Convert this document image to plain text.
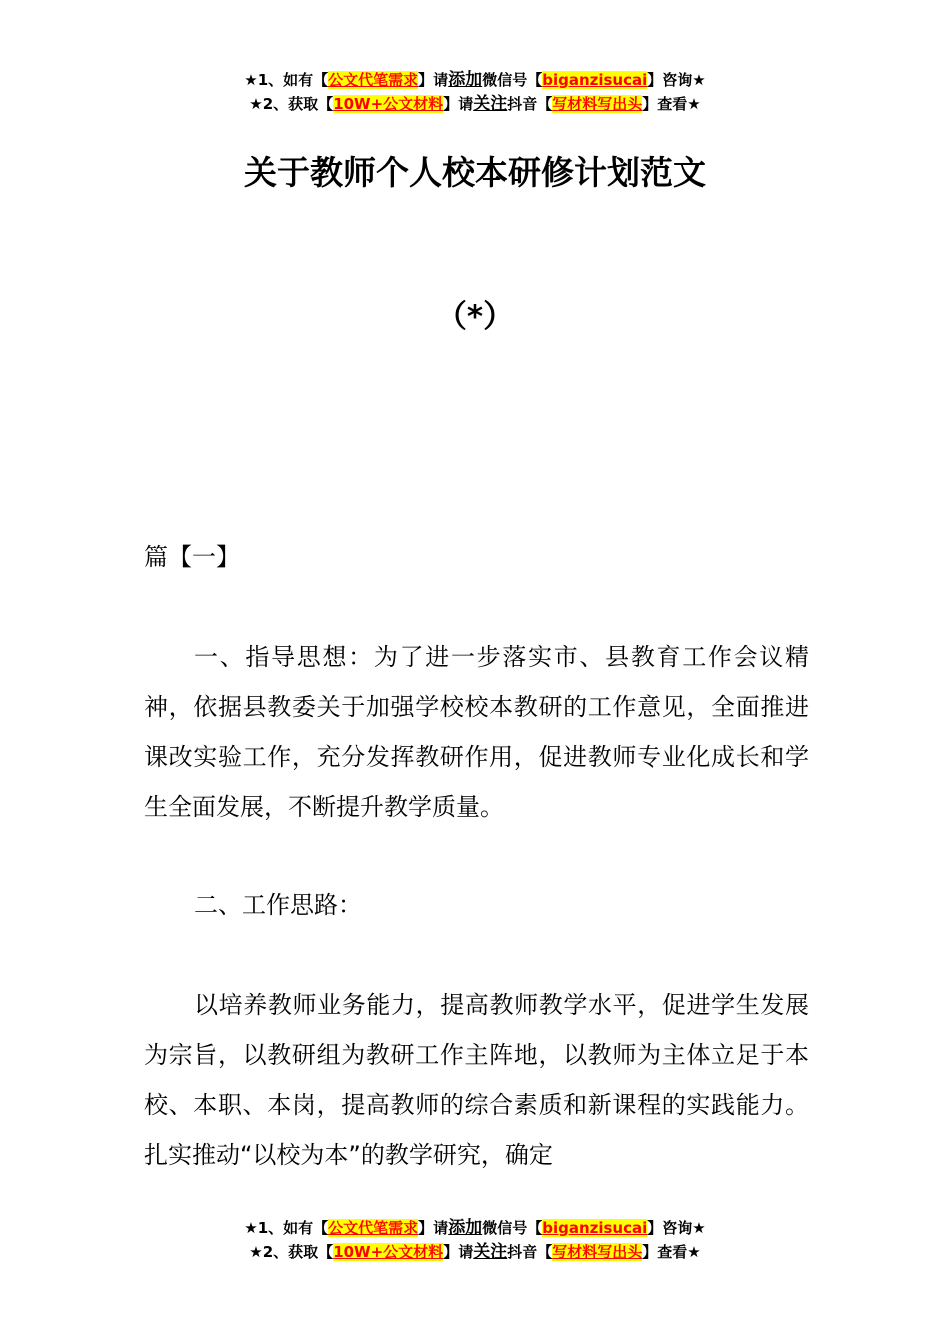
★1、如有【公文代笔需求】请添加微信号【biganzisucai】咨询★
★2、获取【10W+公文材料】请关注抖音【写材料写出头】查看★
关于教师个人校本研修计划范文
（*）
篇【一】

一、指导思想：为了进一步落实市、县教育工作会议精神，依据县教委关于加强学校校本教研的工作意见，全面推进课改实验工作，充分发挥教研作用，促进教师专业化成长和学生全面发展，不断提升教学质量。

二、工作思路：

以培养教师业务能力，提高教师教学水平，促进学生发展为宗旨，以教研组为教研工作主阵地，以教师为主体立足于本校、本职、本岗，提高教师的综合素质和新课程的实践能力。扎实推动“以校为本”的教学研究，确定

★1、如有【公文代笔需求】请添加微信号【biganzisucai】咨询★
★2、获取【10W+公文材料】请关注抖音【写材料写出头】查看★
